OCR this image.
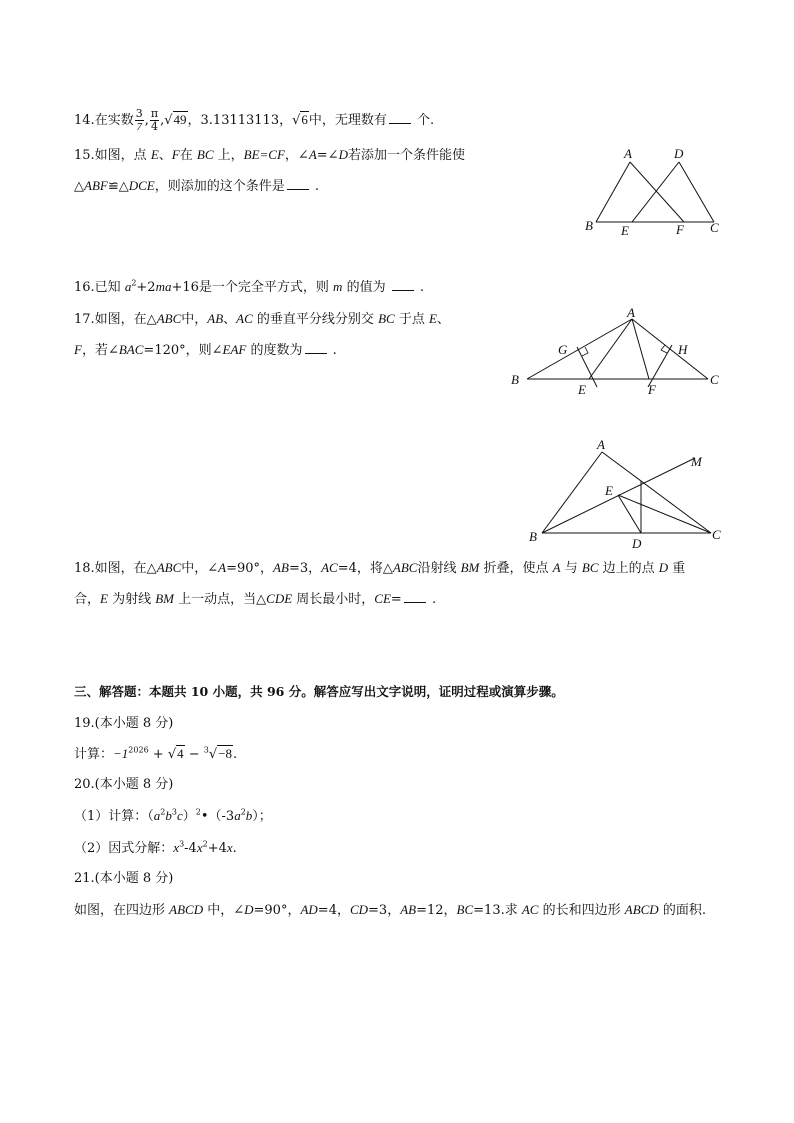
14.在实数 $\frac{3}{7}$ , $\frac{\pi}{4} ,√49$，3.13113113，√6中，无理数有 个.
15.如图，点 E、F在 BC 上，BE=CF，∠A=∠D若添加一个条件能使
△ABF≌△DCE，则添加的这个条件是 .
A	D
B E	F C
16.已知 $a^2+2ma+16$是一个完全平方式，则 m 的值为	.
17.如图，在△ABC中，AB、AC 的垂直平分线分别交 BC 于点 E、
F，若∠BAC=120°，则∠EAF 的度数为 .
A
G	H
B
E	F
C
A
M
E
B	D
C
18.如图，在△ABC中，∠A=90°，AB=3，AC=4，将△ABC沿射线 BM 折叠，使点 A 与 BC 边上的点 D 重
合，E 为射线 BM 上一动点，当△CDE 周长最小时，CE= .
三、解答题：本题共 10 小题，共 96 分。解答应写出文字说明，证明过程或演算步骤。
19.(本小题 8 分)
计算：$-1^{2026} + √4 - ^3√-8$.
20.(本小题 8 分)
（1）计算：$(a^2b^3c)^2•(-3a^2b)$；
（2）因式分解：$x^3-4x^2+4x$.
21.(本小题 8 分)
如图，在四边形 ABCD 中，∠D=90°，AD=4，CD=3，AB=12，BC=13.求 AC 的长和四边形 ABCD 的面积.
